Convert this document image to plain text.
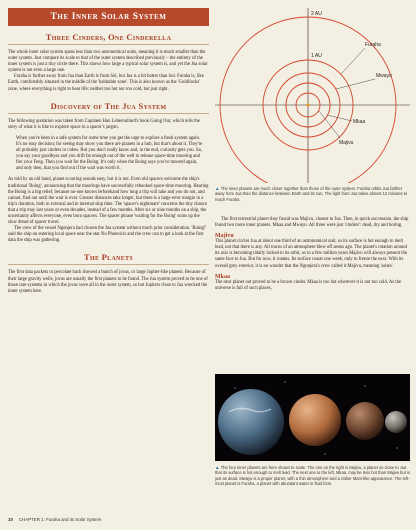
The Inner Solar System
Three Cinders, One Cinderella

The whole inner solar system spans less than two astronomical units, meaning it is much smaller than the outer system. Just compare its scale to that of the outer system described previously – the entirety of the inner system is just a tiny circle there. This shows how large a typical solar system is, and yet the Jua solar system is not even a large one.

Furaha is further away from Jua than Earth is from Sol, but Jua is a bit hotter than Sol. Furaha is, like Earth, comfortably situated in the middle of the 'habitable zone'. This is also known as the 'Goldilocks' zone, where everything is right to bear life: neither too hot nor too cold, but just right.

Discovery of The Jua System

The following quotation was taken from Capitaen Han Leberoullard's book Going Out, which tells the story of what it is like to explore space in a spacer's jargon.

When you're been in a safe system for some time you get the urge to explore a fresh system again. It's no easy decision; for seeing may show you there are planets in a hub, but that's about it. They're all probably just cinders or cubes. But you don't really know and, in the end, curiosity gets you. So, you say your goodbyes and you drift far enough out of the well to release space-time mooring and fire your Feng. Then you wait for the Boing. It's only when the Boing says you've moored again, and only then, that you find out if the wait was worth it.

As told by an old hand, planet scouring sounds easy, but it is not. Even old spacers welcome the ship's traditional 'Boing', announcing that the moorings have successfully rebooked space-time mooring. Hearing the Boing is a big relief, because no-one knows beforehand how long a trip will take and you do not, and cannot, find out until the wait is over. Greater distances take longer, but there is a large error margin in a trip's duration, both in external and in internal ship time. The 'spacer's nightmare' concerns the tiny chance that a trip may last years or even decades, instead of a few months. After six or nine months on a ship, the uncertainty affects everyone, even born spacers. The spacer phrase 'waiting for the Boing' sums up the slow dread of spacer travel.

The crew of the vessel Ngonjera had chosen the Jua system without much prior consideration. 'Boing!' said the ship on entering local space near the star Nu Phoenicis and the crew can to get a look at the first data the ship was gathering.

The Planets

The first data packets to percolate back showed a bunch of jovas, or large Jupiter-like planets. Because of their large gravity wells, jovas are usually the first planets to be found. The Jua system proved to be one of those rare systems in which the jovas were all in the outer system, so hot Jupiters close to Jua wrecked the inner system here.

2 AU
1 AU
Furaha
Mwayu
Mkaa
Majivu

▲ The inner planets are much closer together than those of the outer system. Furaha orbits Jua farther away from Jua than the distance between Earth and its sun. The light from Jua takes almost 12 minutes to reach Furaha.

The first terrestrial planet they found was Majivu, closest to Jua. Then, in quick succession, the ship found two more inner planets. Mkaa and Mwayu. All three were just 'cinders': dead, dry and boring.

Majivu

This planet circles Jua at about one third of an astronomical unit, so its surface is hot enough to melt lead, not that there is any. All traces of an atmosphere blew off aeons ago. The planet's rotation around its axis is becoming tidally locked to its orbit, so in a few million years Majivu will always present the same face to Jua. But for now, it rotates. Its surface roasts one week, only to freeze the next. With its overall grey exterior, it is no wonder that the Ngonjera's crew called it Majivu, meaning 'ashes'.

Mkaa

The next planet out proved to be a brown cinder. Mkaa is too hot wherever it is not too cold. As the universe is full of such places,

▲ The four inner planets are here shown to scale. The one on the right is Majivu, a planet so close to Jua that its surface is hot enough to melt lead. The next one to the left, Mkaa, may be less hot than Majivu but is just as dead. Mwayu is a proper planet, with a thin atmosphere and a rather Mars-like appearance. The left-most planet is Furaha, a planet with abundant water in fluid form.

10 CHAPTER 1: Furaha and its Solar System
